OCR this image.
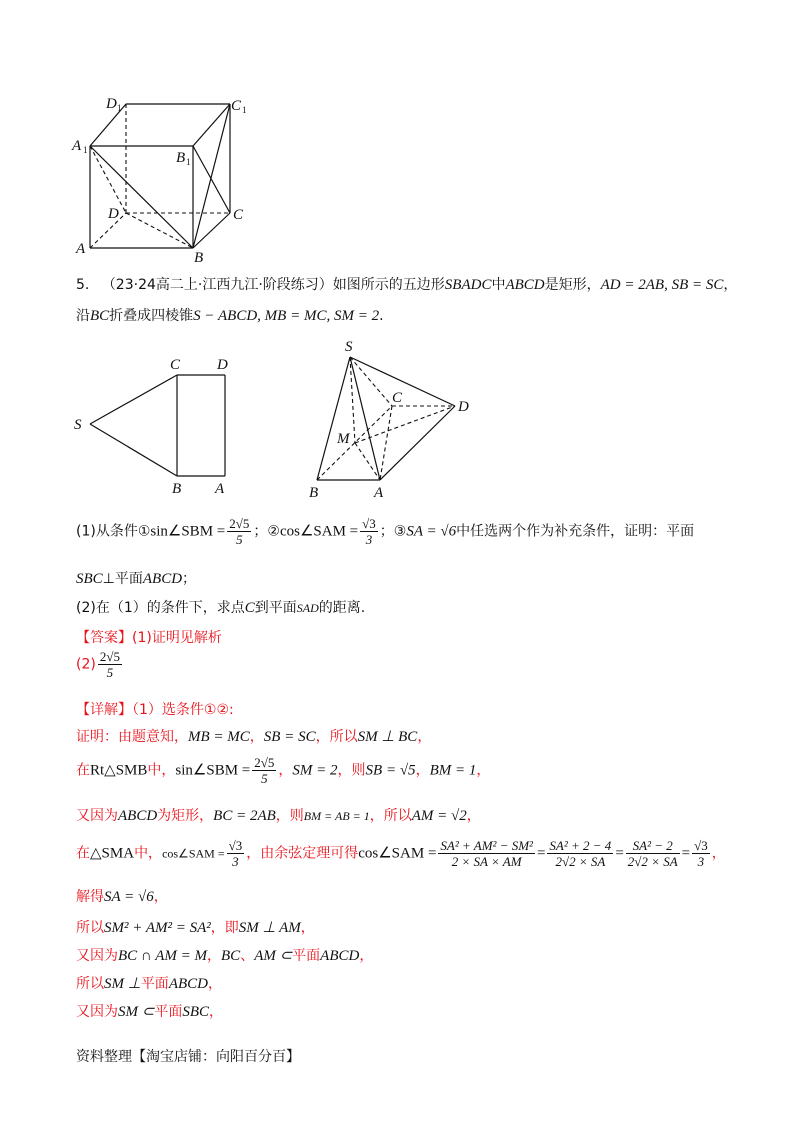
D 1	C 1
A 1	B 1
D	C
A
B
5. （23·24高二上·江西九江·阶段练习）如图所示的五边形SBADC中ABCD是矩形，AD = 2AB, SB = SC，
沿BC折叠成四棱锥S − ABCD, MB = MC, SM = 2.
S
C D
B A
S
C
D
M
B	A
(1)从条件①sin∠SBM = $\frac{2√5}{5}$ ；②cos∠SAM = $\frac{√3}{3}$ ；③SA = √6中任选两个作为补充条件，证明：平面
SBC⊥平面ABCD；
(2)在（1）的条件下，求点C到平面SAD的距离.
【答案】(1)证明见解析
$(2) \frac{2√5}{5}$
【详解】（1）选条件①②:
证明：由题意知，MB = MC，SB = SC，所以SM ⊥ BC，
在Rt△SMB中，sin∠SBM = $\frac{2√5}{5}$ ，SM = 2，则SB = √5，BM = 1，
又因为ABCD为矩形，BC = 2AB，则BM = AB = 1，所以AM = √2，
在△SMA中，cos∠SAM = $\frac{√3}{3}$ ，由余弦定理可得cos∠SAM = $\frac{\text{SA² + AM² − SM²}}{2 \times SA \times AM} = \frac{\text{SA² + 2 − 4}}{2√2 \times SA} = \frac{\text{SA² − 2}}{2√2 \times SA} = \frac{√3}{3}$ ，
解得SA = √6，
所以SM² + AM² = SA²，即SM ⊥ AM，
又因为BC ∩ AM = M，BC、AM ⊂平面ABCD，
所以SM ⊥平面ABCD，
又因为SM ⊂平面SBC，
资料整理【淘宝店铺：向阳百分百】
